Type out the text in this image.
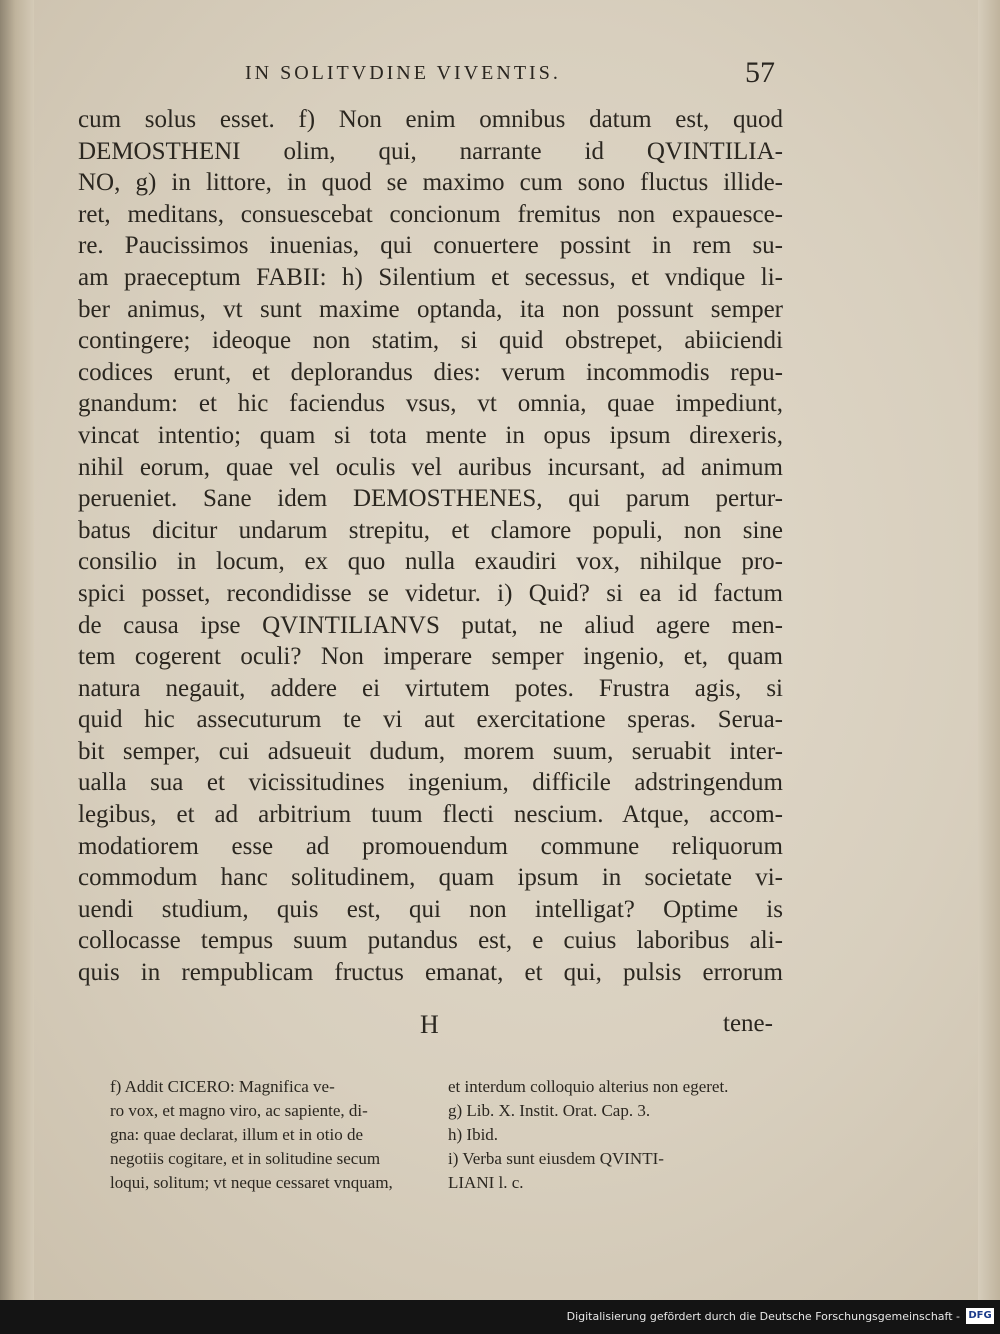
IN SOLITVDINE VIVENTIS.	57
cum solus esset. f) Non enim omnibus datum est, quod
DEMOSTHENI olim, qui, narrante id QVINTILIA-
NO, g) in littore, in quod se maximo cum sono fluctus illide-
ret, meditans, consuescebat concionum fremitus non expauesce-
re. Paucissimos inuenias, qui conuertere possint in rem su-
am praeceptum FABII: h) Silentium et secessus, et vndique li-
ber animus, vt sunt maxime optanda, ita non possunt semper
contingere; ideoque non statim, si quid obstrepet, abiiciendi
codices erunt, et deplorandus dies: verum incommodis repu-
gnandum: et hic faciendus vsus, vt omnia, quae impediunt,
vincat intentio; quam si tota mente in opus ipsum direxeris,
nihil eorum, quae vel oculis vel auribus incursant, ad animum
perueniet. Sane idem DEMOSTHENES, qui parum pertur-
batus dicitur undarum strepitu, et clamore populi, non sine
consilio in locum, ex quo nulla exaudiri vox, nihilque pro-
spici posset, recondidisse se videtur. i) Quid? si ea id factum
de causa ipse QVINTILIANVS putat, ne aliud agere men-
tem cogerent oculi? Non imperare semper ingenio, et, quam
natura negauit, addere ei virtutem potes. Frustra agis, si
quid hic assecuturum te vi aut exercitatione speras. Serua-
bit semper, cui adsueuit dudum, morem suum, seruabit inter-
ualla sua et vicissitudines ingenium, difficile adstringendum
legibus, et ad arbitrium tuum flecti nescium. Atque, accom-
modatiorem esse ad promouendum commune reliquorum
commodum hanc solitudinem, quam ipsum in societate vi-
uendi studium, quis est, qui non intelligat? Optime is
collocasse tempus suum putandus est, e cuius laboribus ali-
quis in rempublicam fructus emanat, et qui, pulsis errorum
H	tene-
f) Addit CICERO: Magnifica ve-
ro vox, et magno viro, ac sapiente, di-
gna: quae declarat, illum et in otio de
negotiis cogitare, et in solitudine secum
loqui, solitum; vt neque cessaret vnquam,
et interdum colloquio alterius non egeret.
g) Lib. X. Instit. Orat. Cap. 3.
h) Ibid.
i) Verba sunt eiusdem QVINTI-
LIANI l. c.
Digitalisierung gefördert durch die Deutsche Forschungsgemeinschaft - DFG
